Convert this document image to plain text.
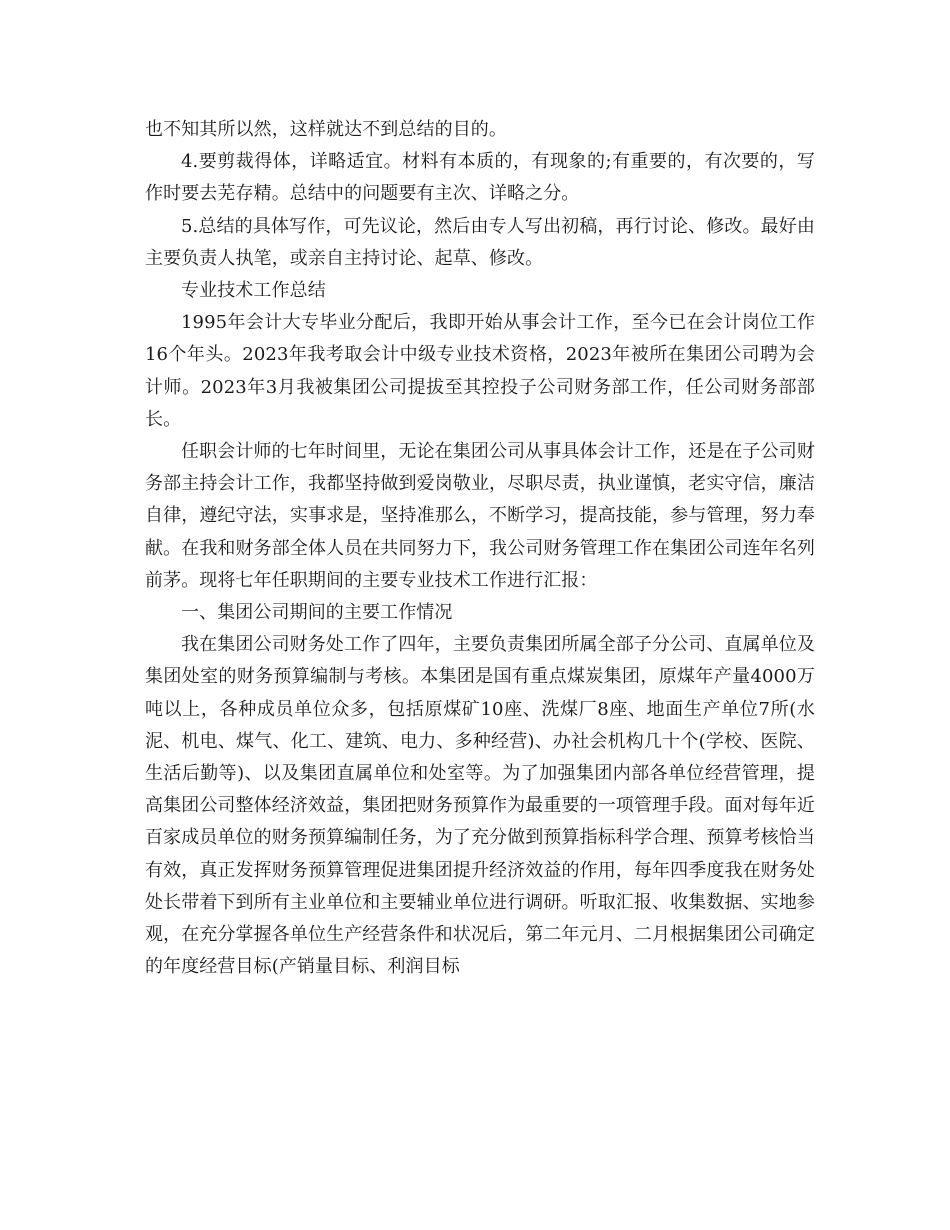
也不知其所以然，这样就达不到总结的目的。

4.要剪裁得体，详略适宜。材料有本质的，有现象的;有重要的，有次要的，写作时要去芜存精。总结中的问题要有主次、详略之分。

5.总结的具体写作，可先议论，然后由专人写出初稿，再行讨论、修改。最好由主要负责人执笔，或亲自主持讨论、起草、修改。

专业技术工作总结

1995年会计大专毕业分配后，我即开始从事会计工作，至今已在会计岗位工作16个年头。2023年我考取会计中级专业技术资格，2023年被所在集团公司聘为会计师。2023年3月我被集团公司提拔至其控投子公司财务部工作，任公司财务部部长。

任职会计师的七年时间里，无论在集团公司从事具体会计工作，还是在子公司财务部主持会计工作，我都坚持做到爱岗敬业，尽职尽责，执业谨慎，老实守信，廉洁自律，遵纪守法，实事求是，坚持准那么，不断学习，提高技能，参与管理，努力奉献。在我和财务部全体人员在共同努力下，我公司财务管理工作在集团公司连年名列前茅。现将七年任职期间的主要专业技术工作进行汇报：

一、集团公司期间的主要工作情况

我在集团公司财务处工作了四年，主要负责集团所属全部子分公司、直属单位及集团处室的财务预算编制与考核。本集团是国有重点煤炭集团，原煤年产量4000万吨以上，各种成员单位众多，包括原煤矿10座、洗煤厂8座、地面生产单位7所(水泥、机电、煤气、化工、建筑、电力、多种经营)、办社会机构几十个(学校、医院、生活后勤等)、以及集团直属单位和处室等。为了加强集团内部各单位经营管理，提高集团公司整体经济效益，集团把财务预算作为最重要的一项管理手段。面对每年近百家成员单位的财务预算编制任务，为了充分做到预算指标科学合理、预算考核恰当有效，真正发挥财务预算管理促进集团提升经济效益的作用，每年四季度我在财务处处长带着下到所有主业单位和主要辅业单位进行调研。听取汇报、收集数据、实地参观，在充分掌握各单位生产经营条件和状况后，第二年元月、二月根据集团公司确定的年度经营目标(产销量目标、利润目标
